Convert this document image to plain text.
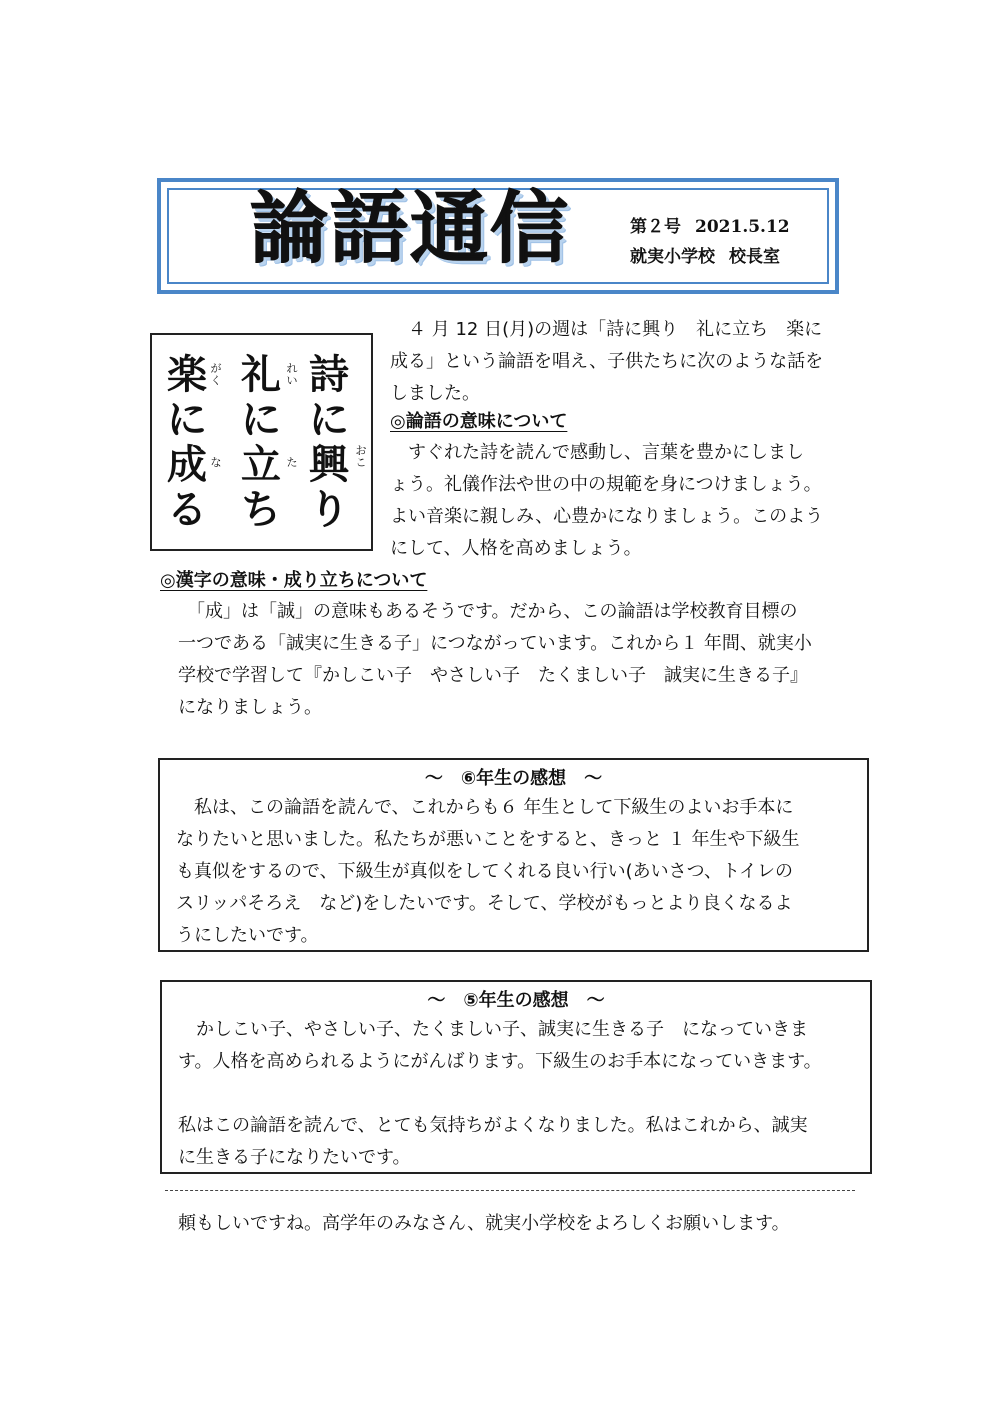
論語通信	第２号 2021.5.12
就実小学校 校長室
詩
に
興
り
礼
に
立
ち
楽
に
成
る
おこ
れい
た
がく
な
　４ 月 12 日(月)の週は「詩に興り　礼に立ち　楽に
成る」という論語を唱え、子供たちに次のような話を
しました。
◎論語の意味について
　すぐれた詩を読んで感動し、言葉を豊かにしまし
ょう。礼儀作法や世の中の規範を身につけましょう。
よい音楽に親しみ、心豊かになりましょう。このよう
にして、人格を高めましょう。
◎漢字の意味・成り立ちについて
　「成」は「誠」の意味もあるそうです。だから、この論語は学校教育目標の
一つである「誠実に生きる子」につながっています。これから１ 年間、就実小
学校で学習して『かしこい子　やさしい子　たくましい子　誠実に生きる子』
になりましょう。
～ ⑥年生の感想 ～
　私は、この論語を読んで、これからも６ 年生として下級生のよいお手本に
なりたいと思いました。私たちが悪いことをすると、きっと １ 年生や下級生
も真似をするので、下級生が真似をしてくれる良い行い(あいさつ、トイレの
スリッパそろえ　など)をしたいです。そして、学校がもっとより良くなるよ
うにしたいです。
～ ⑤年生の感想 ～
　かしこい子、やさしい子、たくましい子、誠実に生きる子　になっていきま
す。人格を高められるようにがんばります。下級生のお手本になっていきます。
私はこの論語を読んで、とても気持ちがよくなりました。私はこれから、誠実
に生きる子になりたいです。
頼もしいですね。高学年のみなさん、就実小学校をよろしくお願いします。
